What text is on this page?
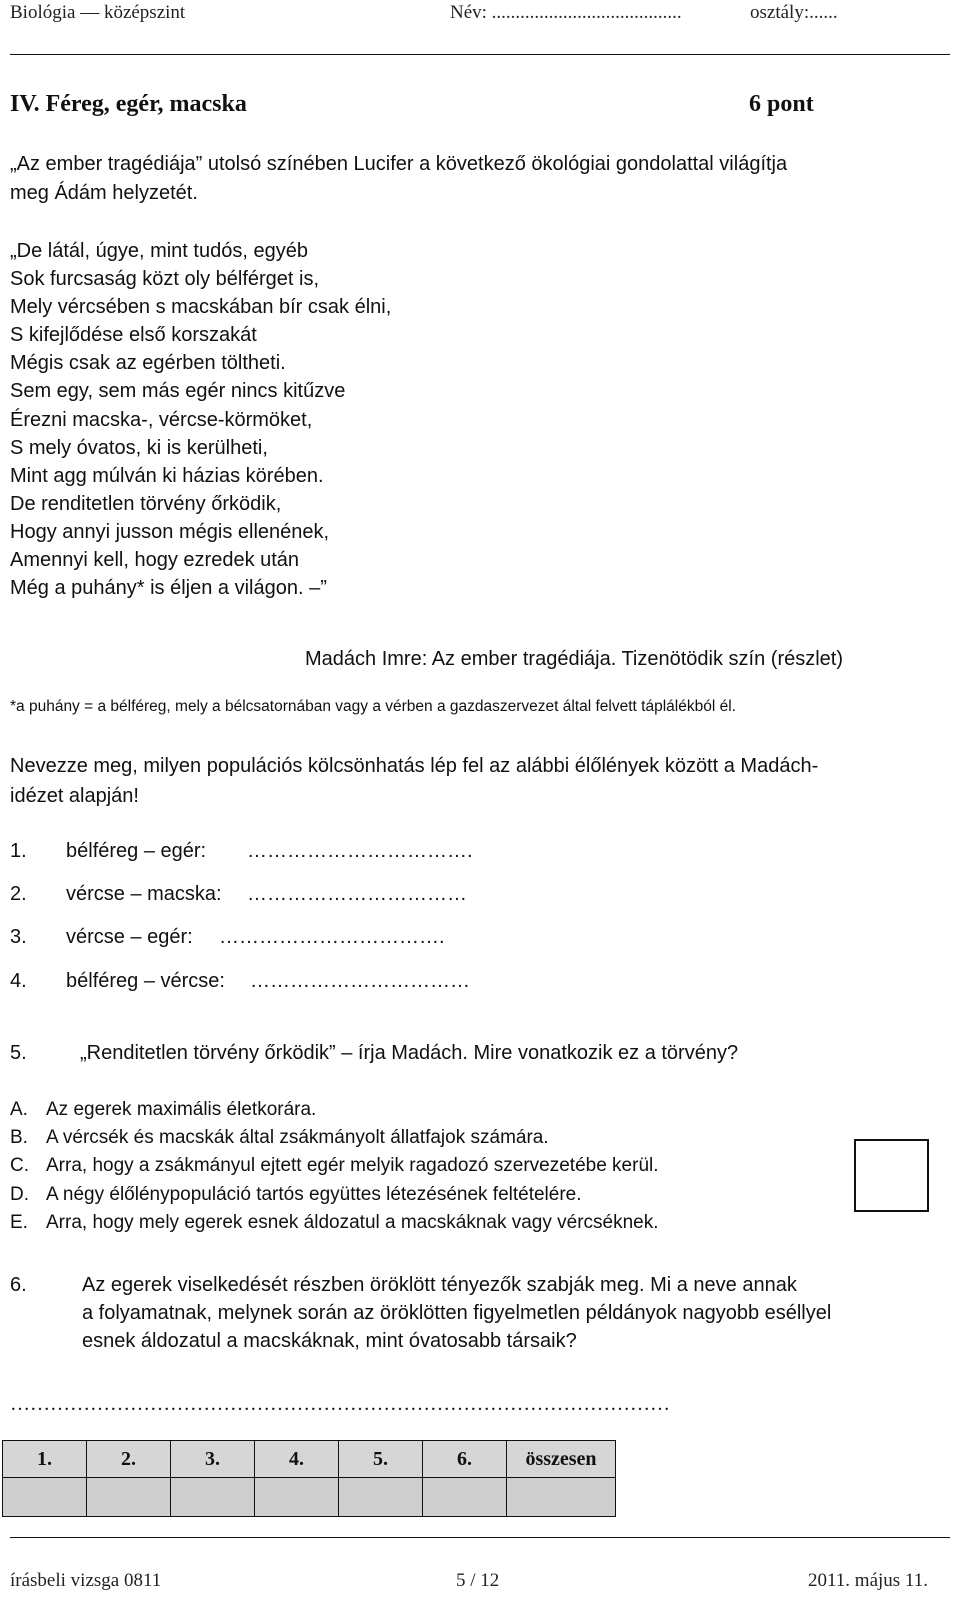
Biológia — középszint	Név: ........................................	osztály:......
IV. Féreg, egér, macska	6 pont
„Az ember tragédiája” utolsó színében Lucifer a következő ökológiai gondolattal világítja
meg Ádám helyzetét.
„De látál, úgye, mint tudós, egyéb
Sok furcsaság közt oly bélférget is,
Mely vércsében s macskában bír csak élni,
S kifejlődése első korszakát
Mégis csak az egérben töltheti.
Sem egy, sem más egér nincs kitűzve
Érezni macska-, vércse-körmöket,
S mely óvatos, ki is kerülheti,
Mint agg múlván ki házias körében.
De renditetlen törvény őrködik,
Hogy annyi jusson mégis ellenének,
Amennyi kell, hogy ezredek után
Még a puhány* is éljen a világon. –”
Madách Imre: Az ember tragédiája. Tizenötödik szín (részlet)
*a puhány = a bélféreg, mely a bélcsatornában vagy a vérben a gazdaszervezet által felvett táplálékból él.
Nevezze meg, milyen populációs kölcsönhatás lép fel az alábbi élőlények között a Madách-
idézet alapján!
1. bélféreg – egér: …………………………….
2. vércse – macska: ……………………………
3. vércse – egér: …………………………….
4. bélféreg – vércse: ……………………………
5.	„Renditetlen törvény őrködik” – írja Madách. Mire vonatkozik ez a törvény?
A. Az egerek maximális életkorára.
B. A vércsék és macskák által zsákmányolt állatfajok számára.
C. Arra, hogy a zsákmányul ejtett egér melyik ragadozó szervezetébe kerül.
D. A négy élőlénypopuláció tartós együttes létezésének feltételére.
E. Arra, hogy mely egerek esnek áldozatul a macskáknak vagy vércséknek.
6.	Az egerek viselkedését részben öröklött tényezők szabják meg. Mi a neve annak
a folyamatnak, melynek során az öröklötten figyelmetlen példányok nagyobb eséllyel
esnek áldozatul a macskáknak, mint óvatosabb társaik?
………………………………………………………………………………………
1.	2.	3.	4.	5.	6.	összesen

írásbeli vizsga 0811	5 / 12	2011. május 11.
